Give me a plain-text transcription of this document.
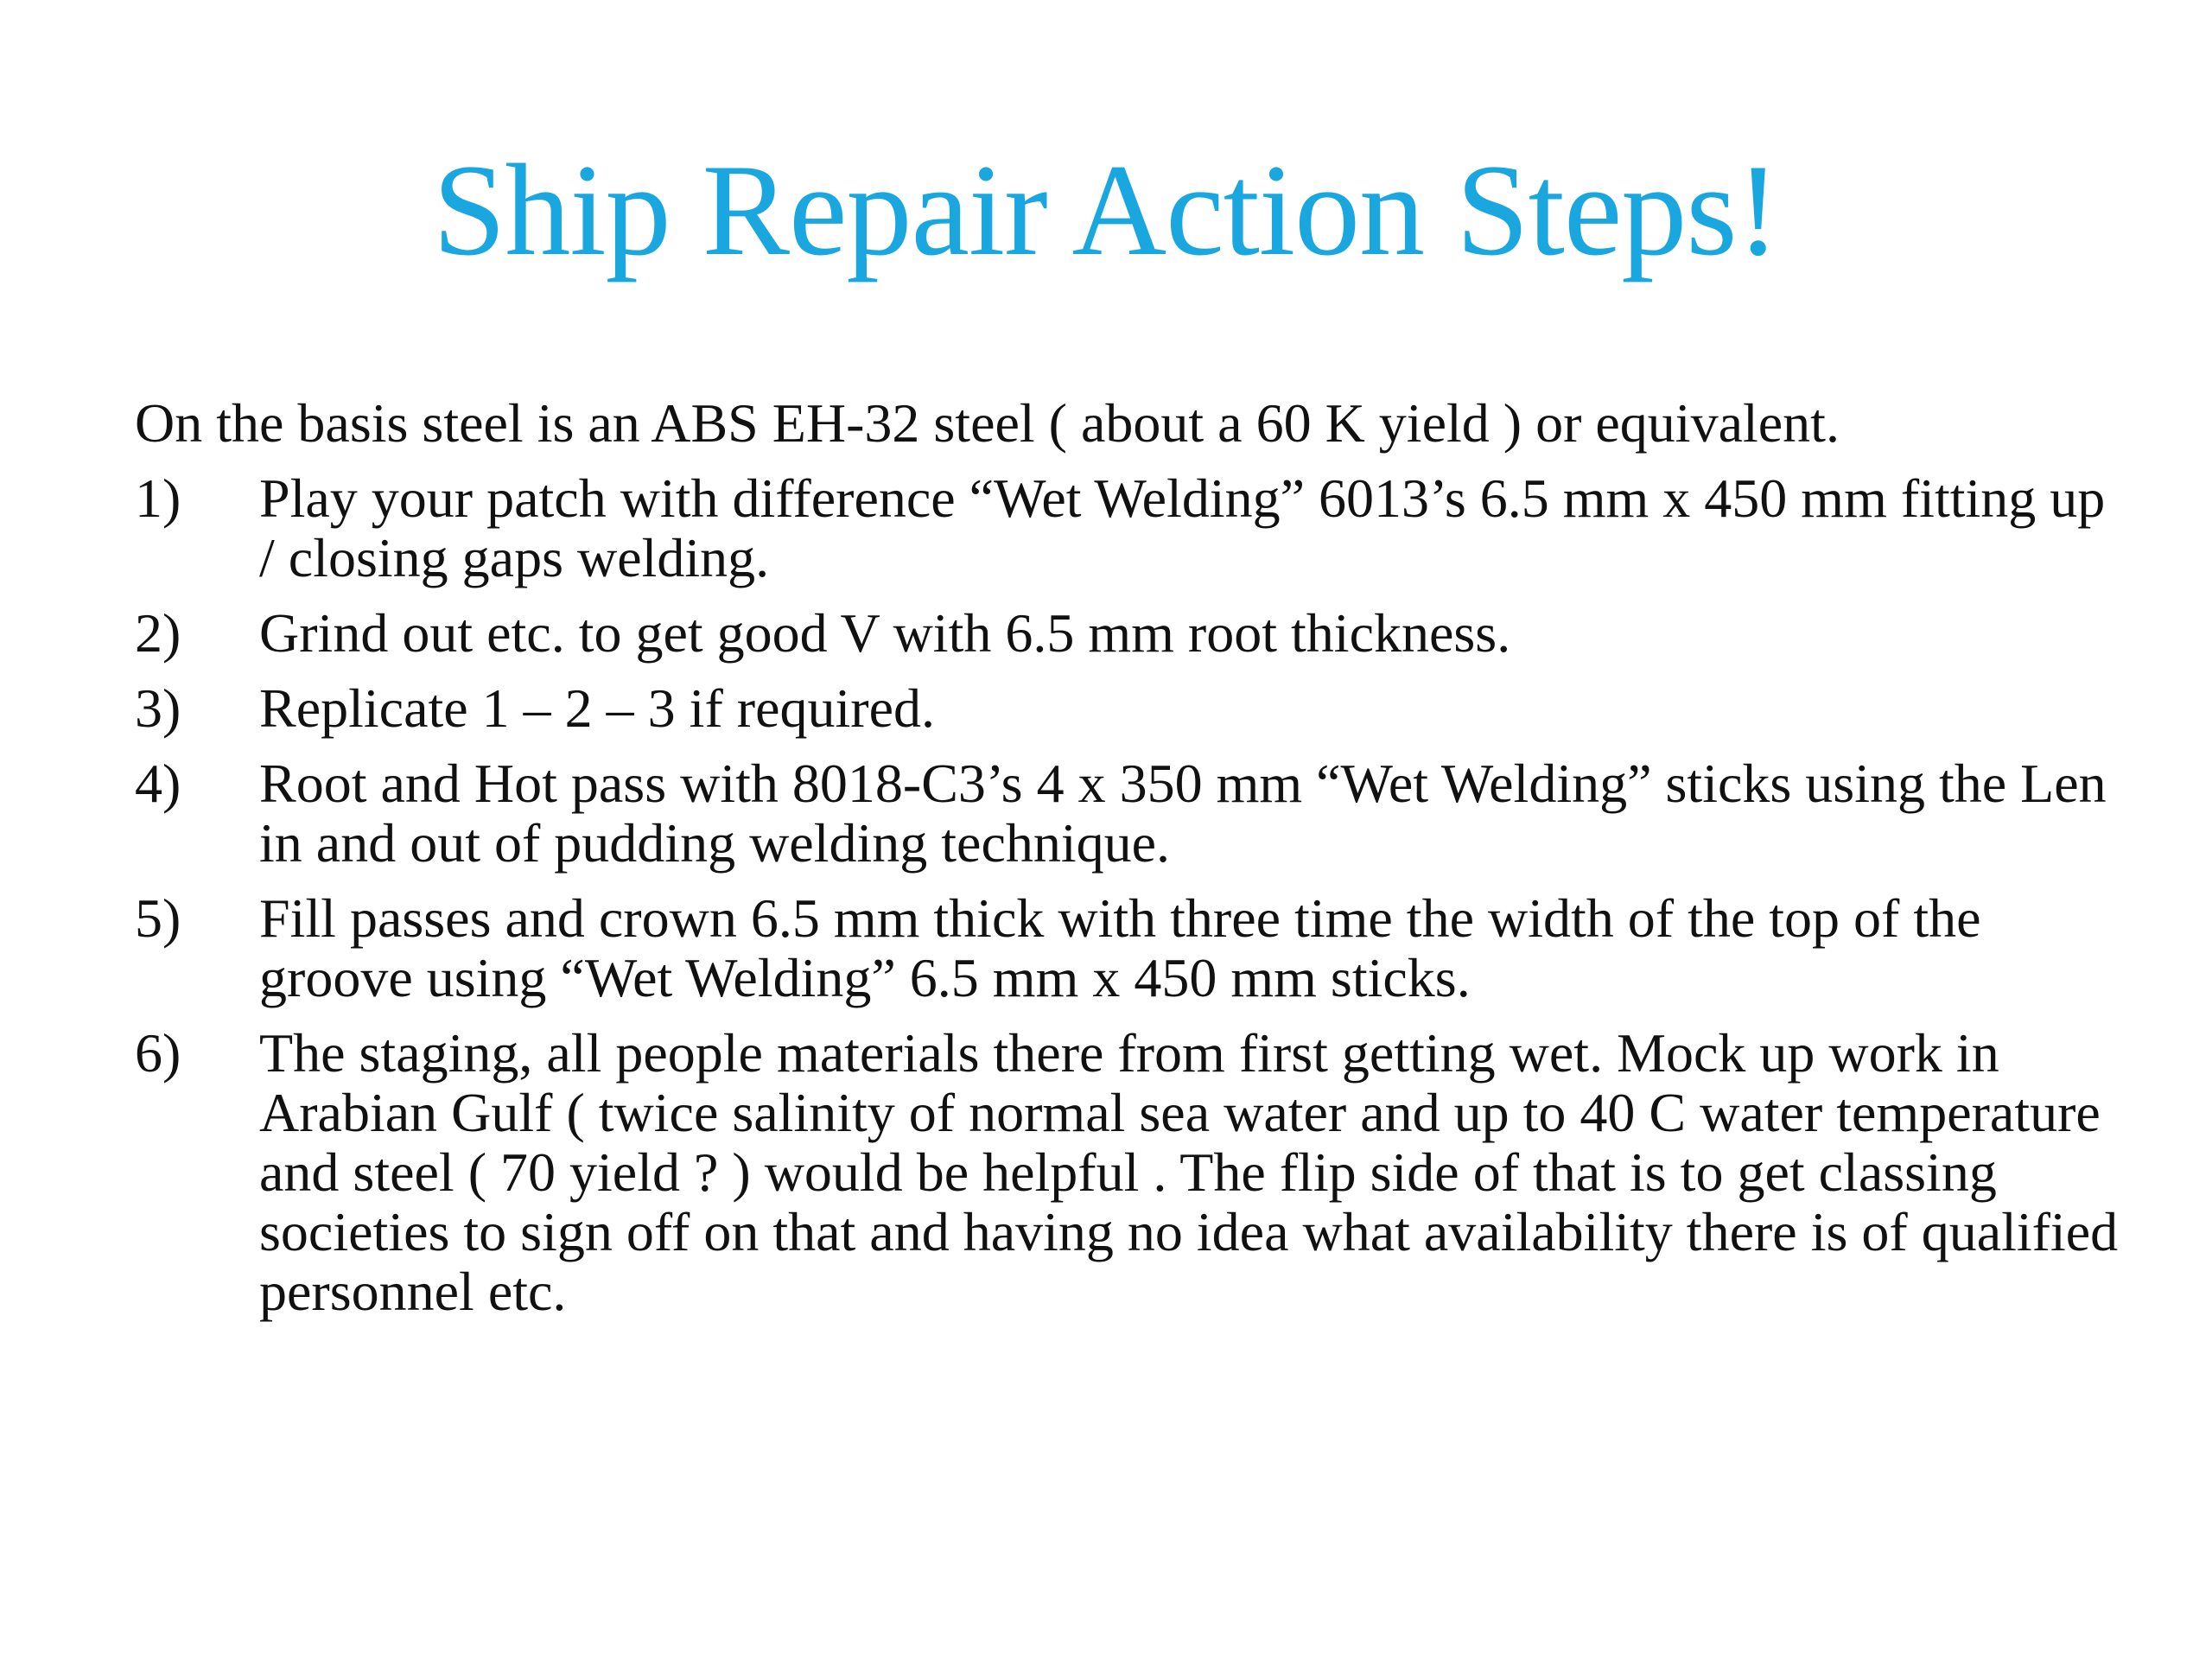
Ship Repair Action Steps!

On the basis steel is an ABS EH-32 steel ( about a 60 K yield ) or equivalent.

1) Play your patch with difference “Wet Welding” 6013’s 6.5 mm x 450 mm fitting up / closing gaps welding.
2) Grind out etc. to get good V with 6.5 mm root thickness.
3) Replicate 1 – 2 – 3 if required.
4) Root and Hot pass with 8018-C3’s 4 x 350 mm “Wet Welding” sticks using the Len in and out of pudding welding technique.
5) Fill passes and crown 6.5 mm thick with three time the width of the top of the groove using “Wet Welding” 6.5 mm x 450 mm sticks.
6) The staging, all people materials there from first getting wet. Mock up work in Arabian Gulf ( twice salinity of normal sea water and up to 40 C water temperature and steel ( 70 yield ? ) would be helpful . The flip side of that is to get classing societies to sign off on that and having no idea what availability there is of qualified personnel etc.
